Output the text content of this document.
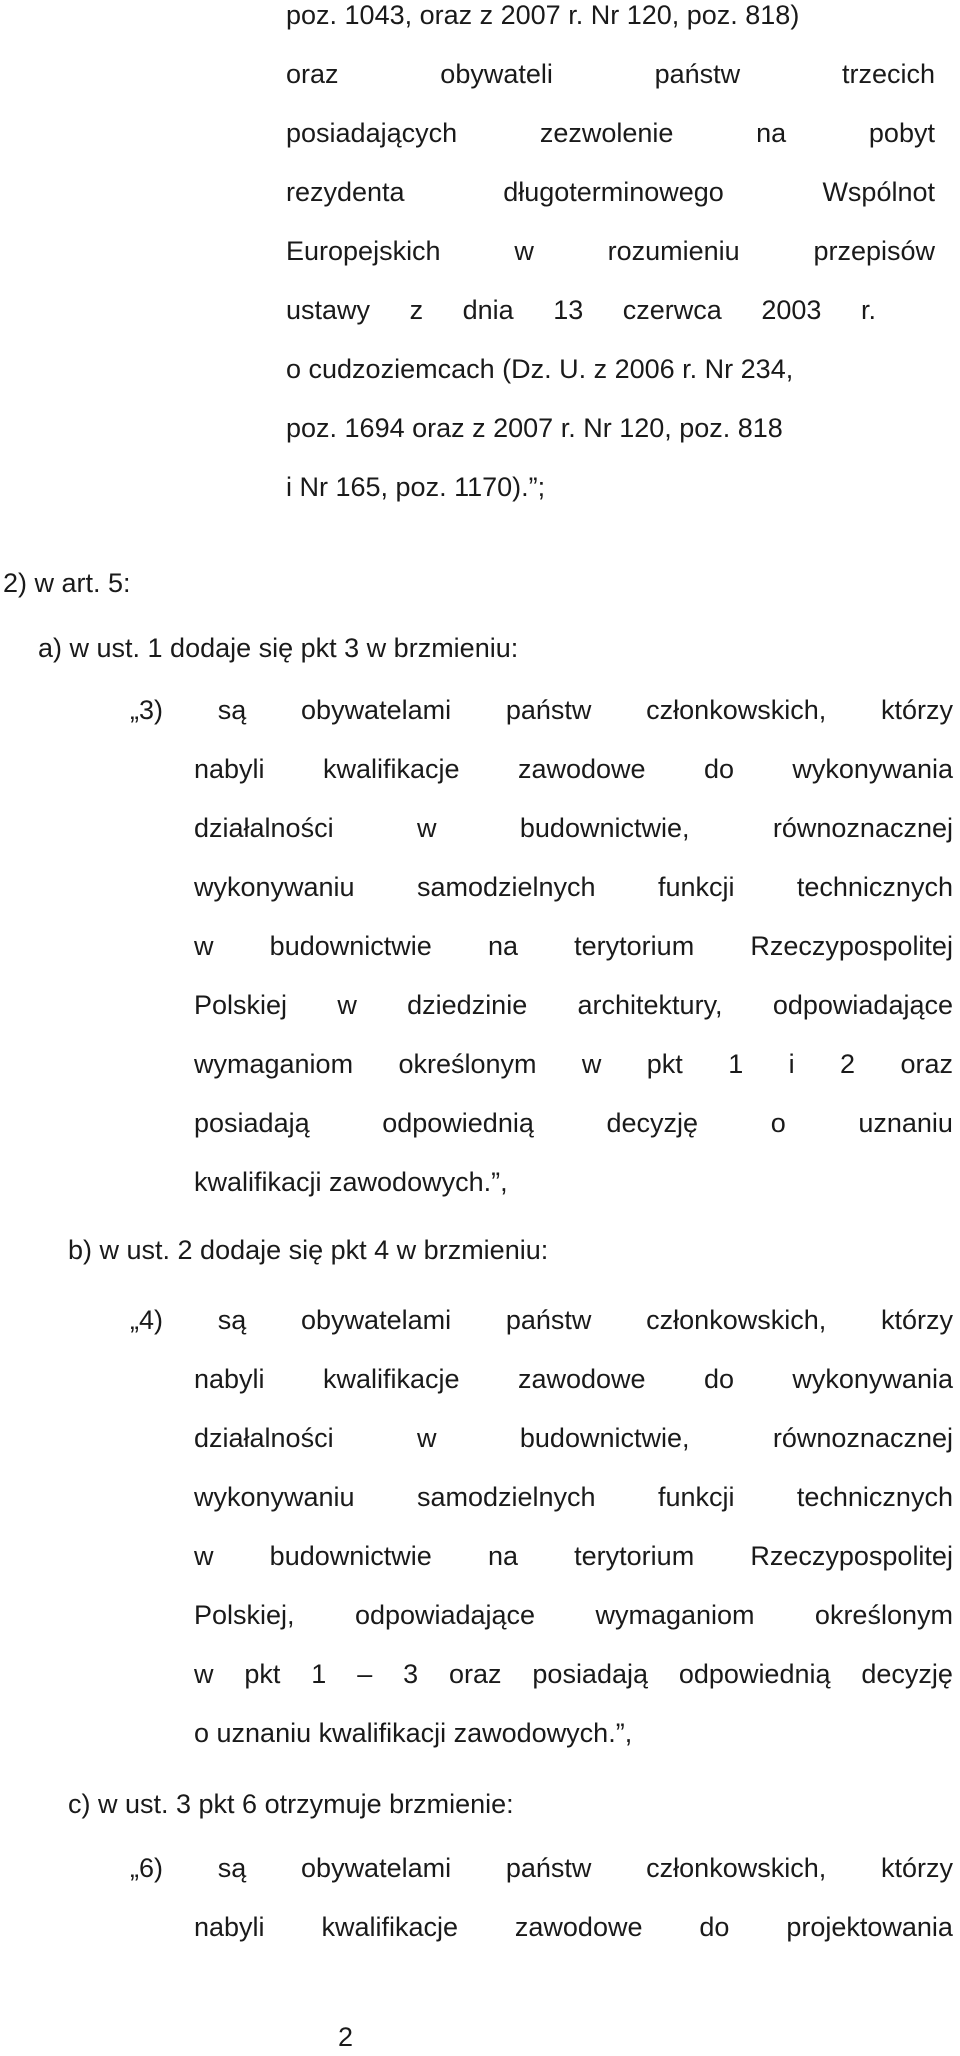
poz. 1043, oraz z 2007 r. Nr 120, poz. 818)
oraz	obywateli	państw	trzecich
posiadających	zezwolenie	na	pobyt
rezydenta	długoterminowego	Wspólnot
Europejskich	w	rozumieniu	przepisów
ustawy z dnia 13 czerwca 2003 r.
o cudzoziemcach (Dz. U. z 2006 r. Nr 234,
poz. 1694 oraz z 2007 r. Nr 120, poz. 818
i Nr 165, poz. 1170).”;
2) w art. 5:
a) w ust. 1 dodaje się pkt 3 w brzmieniu:
„3) są obywatelami państw członkowskich, którzy
nabyli kwalifikacje zawodowe do wykonywania
działalności	w	budownictwie,	równoznacznej
wykonywaniu samodzielnych funkcji technicznych
w budownictwie na terytorium Rzeczypospolitej
Polskiej w dziedzinie architektury, odpowiadające
wymaganiom określonym w pkt 1 i 2 oraz
posiadają	odpowiednią	decyzję	o	uznaniu
kwalifikacji zawodowych.”,
b) w ust. 2 dodaje się pkt 4 w brzmieniu:
„4) są obywatelami państw członkowskich, którzy
nabyli kwalifikacje zawodowe do wykonywania
działalności	w	budownictwie,	równoznacznej
wykonywaniu samodzielnych funkcji technicznych
w budownictwie na terytorium Rzeczypospolitej
Polskiej, odpowiadające wymaganiom określonym
w pkt 1 – 3 oraz posiadają odpowiednią decyzję
o uznaniu kwalifikacji zawodowych.”,
c) w ust. 3 pkt 6 otrzymuje brzmienie:
„6) są obywatelami państw członkowskich, którzy
nabyli kwalifikacje zawodowe do projektowania
2
